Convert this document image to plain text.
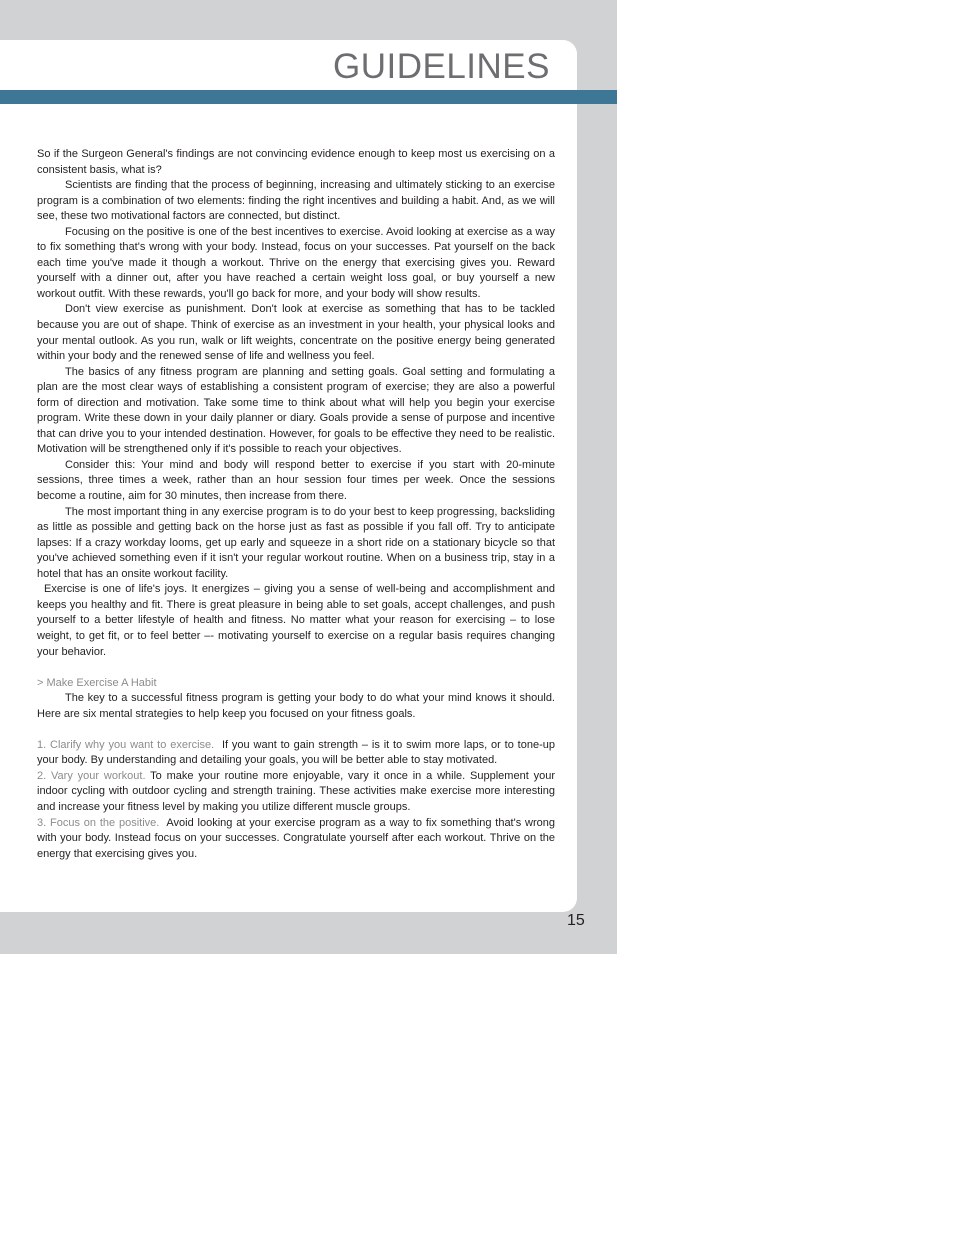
GUIDELINES

So if the Surgeon General's findings are not convincing evidence enough to keep most us exercising on a consistent basis, what is?

Scientists are finding that the process of beginning, increasing and ultimately sticking to an exercise program is a combination of two elements: finding the right incentives and building a habit. And, as we will see, these two motivational factors are connected, but distinct.

Focusing on the positive is one of the best incentives to exercise. Avoid looking at exercise as a way to fix something that's wrong with your body. Instead, focus on your successes. Pat yourself on the back each time you've made it though a workout. Thrive on the energy that exercising gives you. Reward yourself with a dinner out, after you have reached a certain weight loss goal, or buy yourself a new workout outfit. With these rewards, you'll go back for more, and your body will show results.

Don't view exercise as punishment. Don't look at exercise as something that has to be tackled because you are out of shape. Think of exercise as an investment in your health, your physical looks and your mental outlook. As you run, walk or lift weights, concentrate on the positive energy being generated within your body and the renewed sense of life and wellness you feel.

The basics of any fitness program are planning and setting goals. Goal setting and formulating a plan are the most clear ways of establishing a consistent program of exercise; they are also a powerful form of direction and motivation. Take some time to think about what will help you begin your exercise program. Write these down in your daily planner or diary. Goals provide a sense of purpose and incentive that can drive you to your intended destination. However, for goals to be effective they need to be realistic. Motivation will be strengthened only if it's possible to reach your objectives.

Consider this: Your mind and body will respond better to exercise if you start with 20-minute sessions, three times a week, rather than an hour session four times per week. Once the sessions become a routine, aim for 30 minutes, then increase from there.

The most important thing in any exercise program is to do your best to keep progressing, backsliding as little as possible and getting back on the horse just as fast as possible if you fall off. Try to anticipate lapses: If a crazy workday looms, get up early and squeeze in a short ride on a stationary bicycle so that you've achieved something even if it isn't your regular workout routine. When on a business trip, stay in a hotel that has an onsite workout facility.

Exercise is one of life's joys. It energizes – giving you a sense of well-being and accomplishment and keeps you healthy and fit. There is great pleasure in being able to set goals, accept challenges, and push yourself to a better lifestyle of health and fitness. No matter what your reason for exercising – to lose weight, to get fit, or to feel better –- motivating yourself to exercise on a regular basis requires changing your behavior.

> Make Exercise A Habit

The key to a successful fitness program is getting your body to do what your mind knows it should. Here are six mental strategies to help keep you focused on your fitness goals.

1. Clarify why you want to exercise. If you want to gain strength – is it to swim more laps, or to tone-up your body. By understanding and detailing your goals, you will be better able to stay motivated.

2. Vary your workout. To make your routine more enjoyable, vary it once in a while. Supplement your indoor cycling with outdoor cycling and strength training. These activities make exercise more interesting and increase your fitness level by making you utilize different muscle groups.

3. Focus on the positive. Avoid looking at your exercise program as a way to fix something that's wrong with your body. Instead focus on your successes. Congratulate yourself after each workout. Thrive on the energy that exercising gives you.

15
